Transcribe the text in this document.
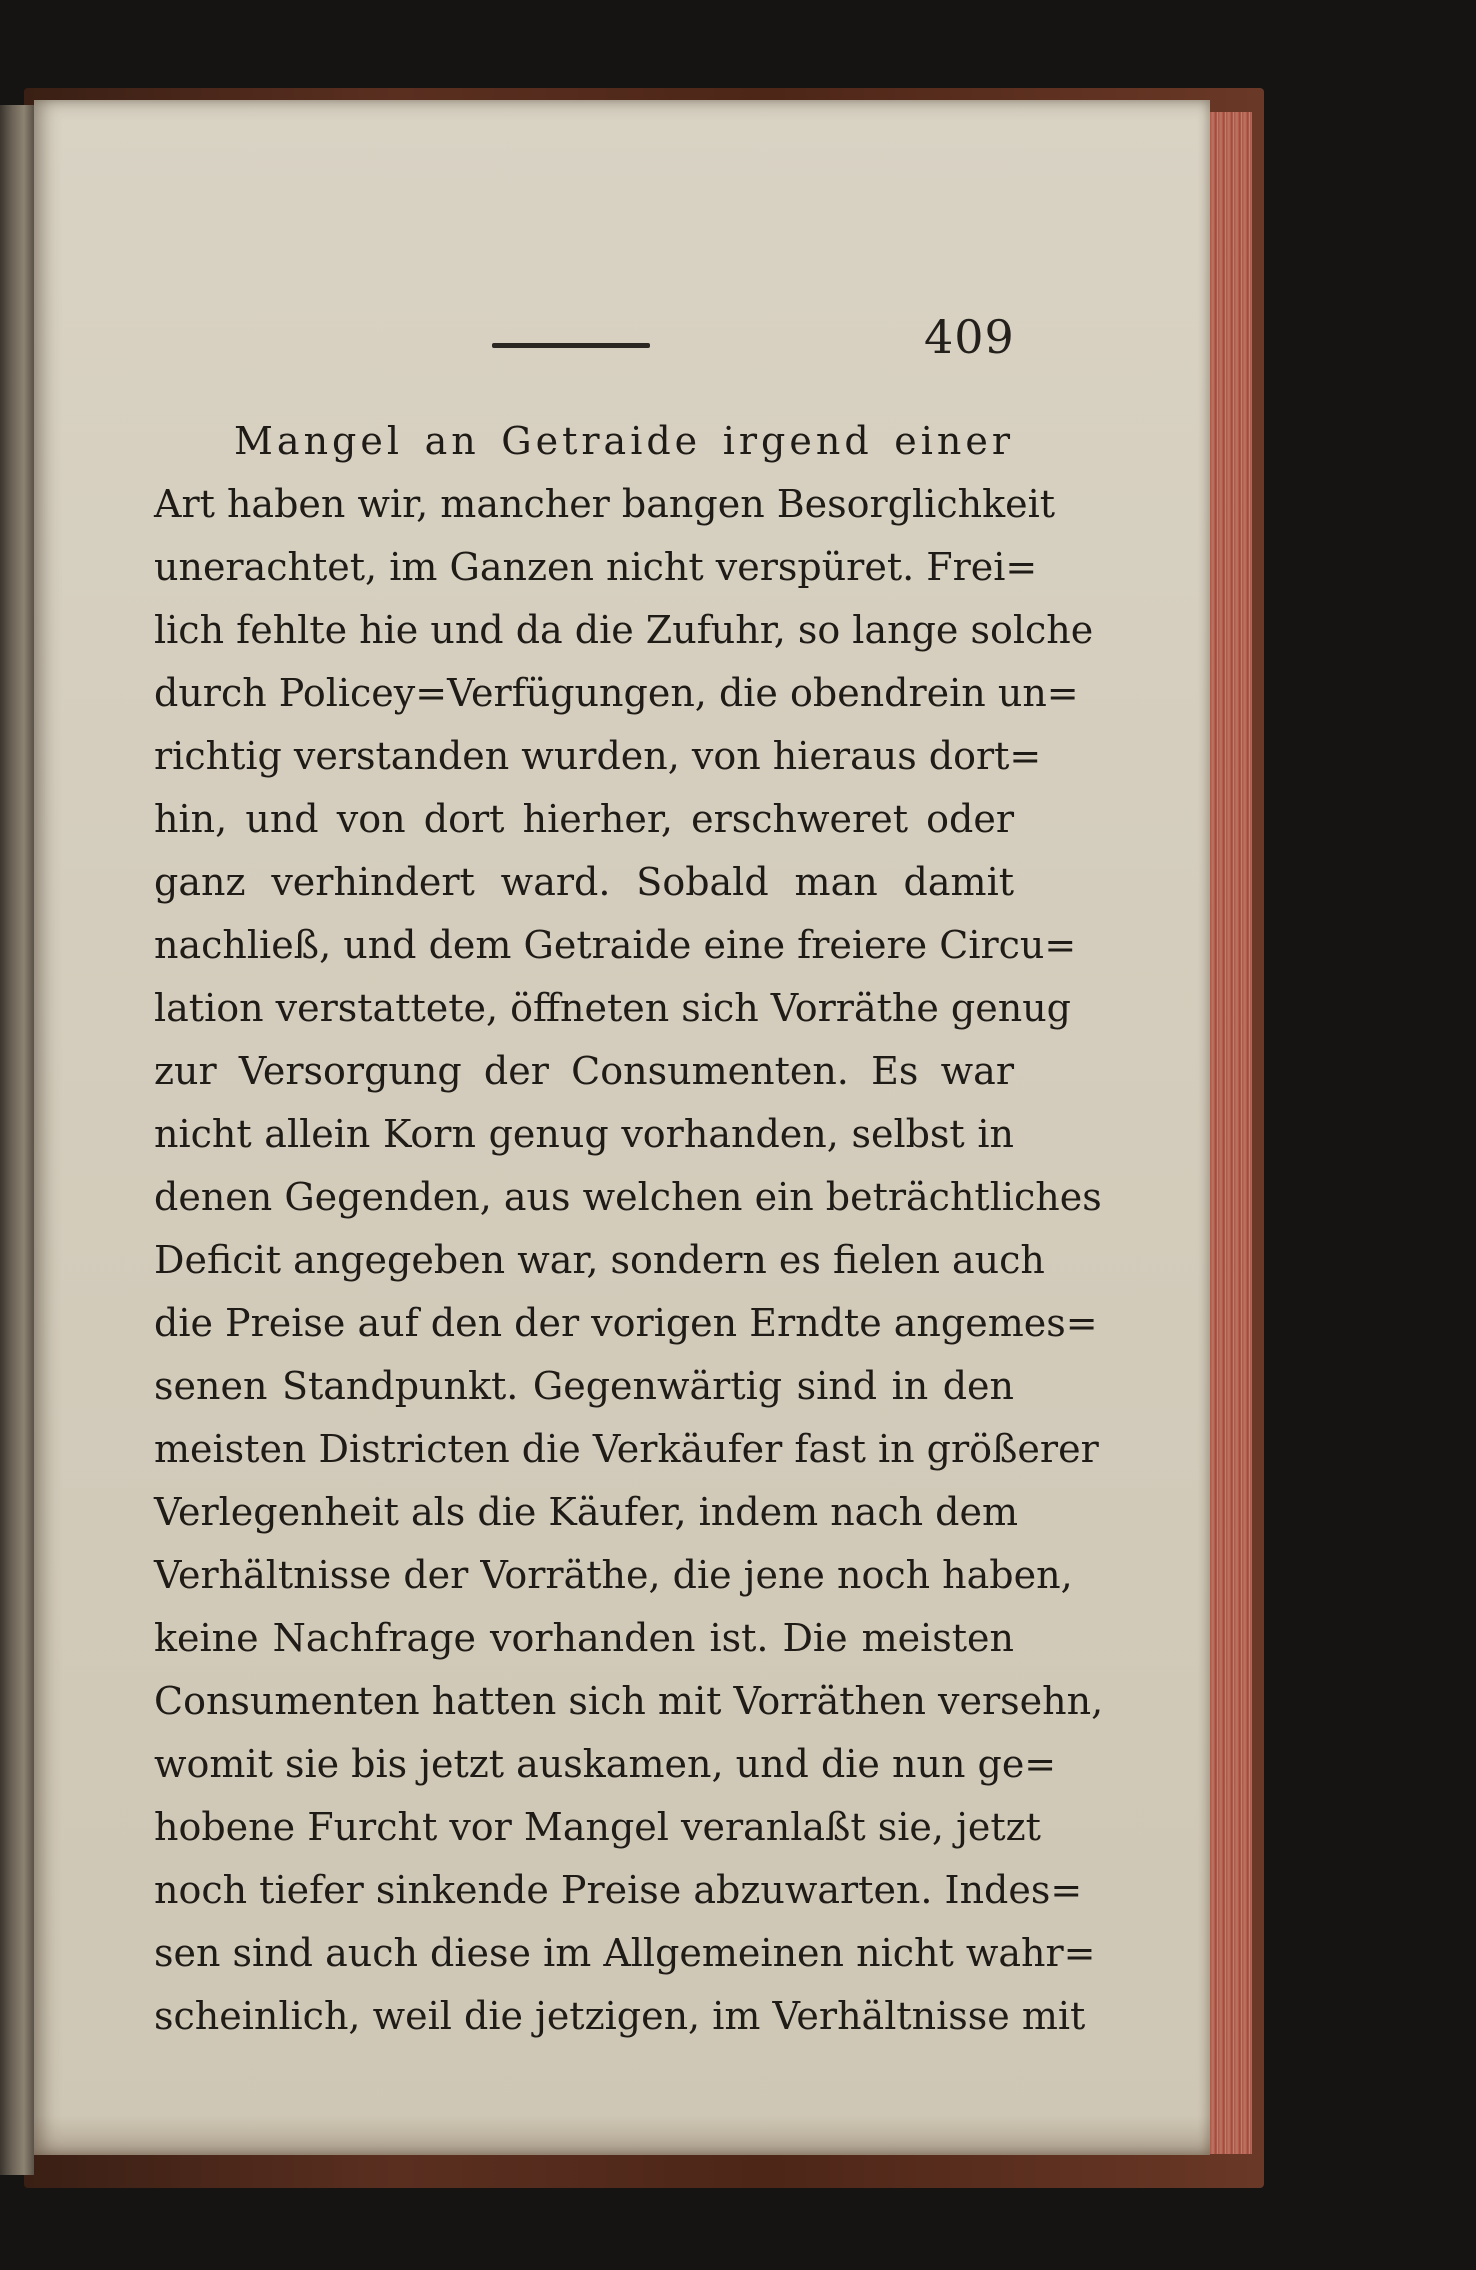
409
Mangel an Getraide irgend einer
Art haben wir, mancher bangen Besorglichkeit
unerachtet, im Ganzen nicht verspüret. Frei=
lich fehlte hie und da die Zufuhr, so lange solche
durch Policey=Verfügungen, die obendrein un=
richtig verstanden wurden, von hieraus dort=
hin, und von dort hierher, erschweret oder
ganz verhindert ward. Sobald man damit
nachließ, und dem Getraide eine freiere Circu=
lation verstattete, öffneten sich Vorräthe genug
zur Versorgung der Consumenten. Es war
nicht allein Korn genug vorhanden, selbst in
denen Gegenden, aus welchen ein beträchtliches
Deficit angegeben war, sondern es fielen auch
die Preise auf den der vorigen Erndte angemes=
senen Standpunkt. Gegenwärtig sind in den
meisten Districten die Verkäufer fast in größerer
Verlegenheit als die Käufer, indem nach dem
Verhältnisse der Vorräthe, die jene noch haben,
keine Nachfrage vorhanden ist. Die meisten
Consumenten hatten sich mit Vorräthen versehn,
womit sie bis jetzt auskamen, und die nun ge=
hobene Furcht vor Mangel veranlaßt sie, jetzt
noch tiefer sinkende Preise abzuwarten. Indes=
sen sind auch diese im Allgemeinen nicht wahr=
scheinlich, weil die jetzigen, im Verhältnisse mit
